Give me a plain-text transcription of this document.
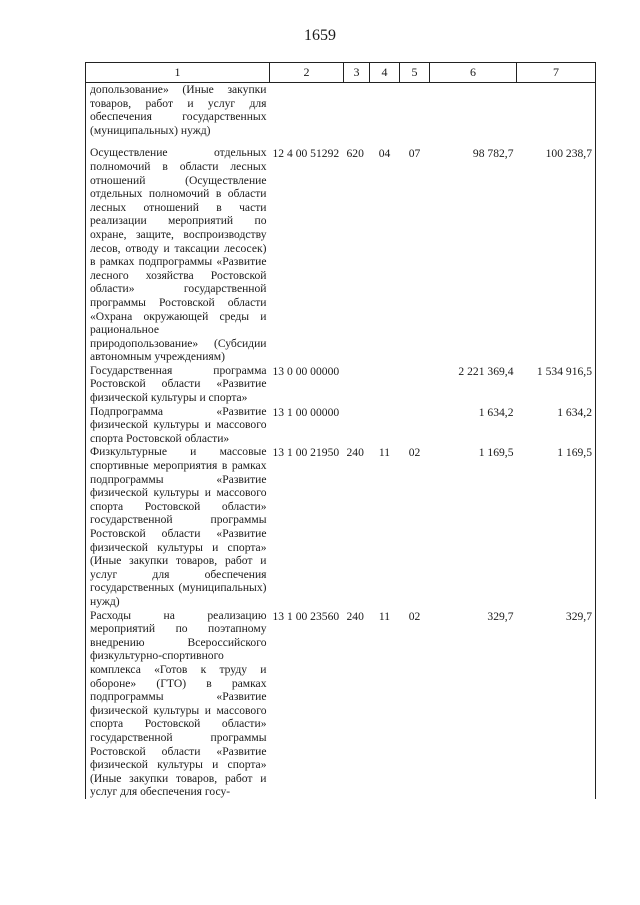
1659
1	2	3	4	5	6	7
допользование» (Иные закупки товаров, работ и услуг для обеспечения государственных (муниципальных) нужд)						
Осуществление отдельных полномочий в области лесных отношений (Осуществление отдельных полномочий в области лесных отношений в части реализации мероприятий по охране, защите, воспроизводству лесов, отводу и таксации лесосек) в рамках подпрограммы «Развитие лесного хозяйства Ростовской области» государственной программы Ростовской области «Охрана окружающей среды и рациональное природопользование» (Субсидии автономным учреждениям)	12 4 00 51292	620	04	07	98 782,7	100 238,7
Государственная программа Ростовской области «Развитие физической культуры и спорта»	13 0 00 00000				2 221 369,4	1 534 916,5
Подпрограмма «Развитие физической культуры и массового спорта Ростовской области»	13 1 00 00000				1 634,2	1 634,2
Физкультурные и массовые спортивные мероприятия в рамках подпрограммы «Развитие физической культуры и массового спорта Ростовской области» государственной программы Ростовской области «Развитие физической культуры и спорта» (Иные закупки товаров, работ и услуг для обеспечения государственных (муниципальных) нужд)	13 1 00 21950	240	11	02	1 169,5	1 169,5
Расходы на реализацию мероприятий по поэтапному внедрению Всероссийского физкультурно-спортивного комплекса «Готов к труду и обороне» (ГТО) в рамках подпрограммы «Развитие физической культуры и массового спорта Ростовской области» государственной программы Ростовской области «Развитие физической культуры и спорта» (Иные закупки товаров, работ и услуг для обеспечения госу-	13 1 00 23560	240	11	02	329,7	329,7
